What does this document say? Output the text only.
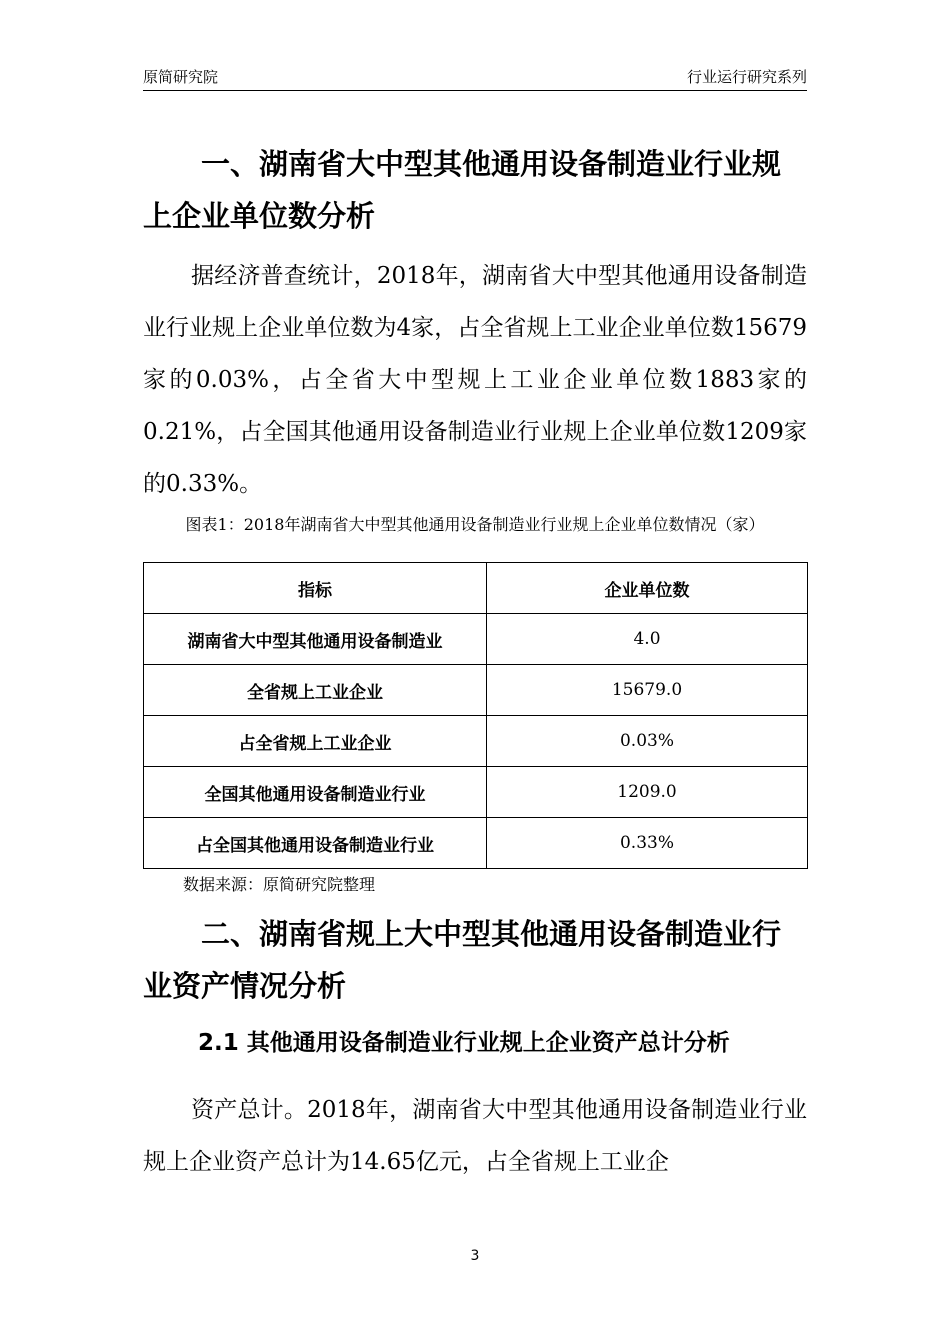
原简研究院	行业运行研究系列
一、湖南省大中型其他通用设备制造业行业规上企业单位数分析
据经济普查统计，2018年，湖南省大中型其他通用设备制造业行业规上企业单位数为4家，占全省规上工业企业单位数15679家的0.03%，占全省大中型规上工业企业单位数1883家的0.21%，占全国其他通用设备制造业行业规上企业单位数1209家的0.33%。
图表1：2018年湖南省大中型其他通用设备制造业行业规上企业单位数情况（家）
指标	企业单位数
湖南省大中型其他通用设备制造业	4.0
全省规上工业企业	15679.0
占全省规上工业企业	0.03%
全国其他通用设备制造业行业	1209.0
占全国其他通用设备制造业行业	0.33%
数据来源：原简研究院整理
二、湖南省规上大中型其他通用设备制造业行业资产情况分析
2.1 其他通用设备制造业行业规上企业资产总计分析
资产总计。2018年，湖南省大中型其他通用设备制造业行业规上企业资产总计为14.65亿元，占全省规上工业企
3
